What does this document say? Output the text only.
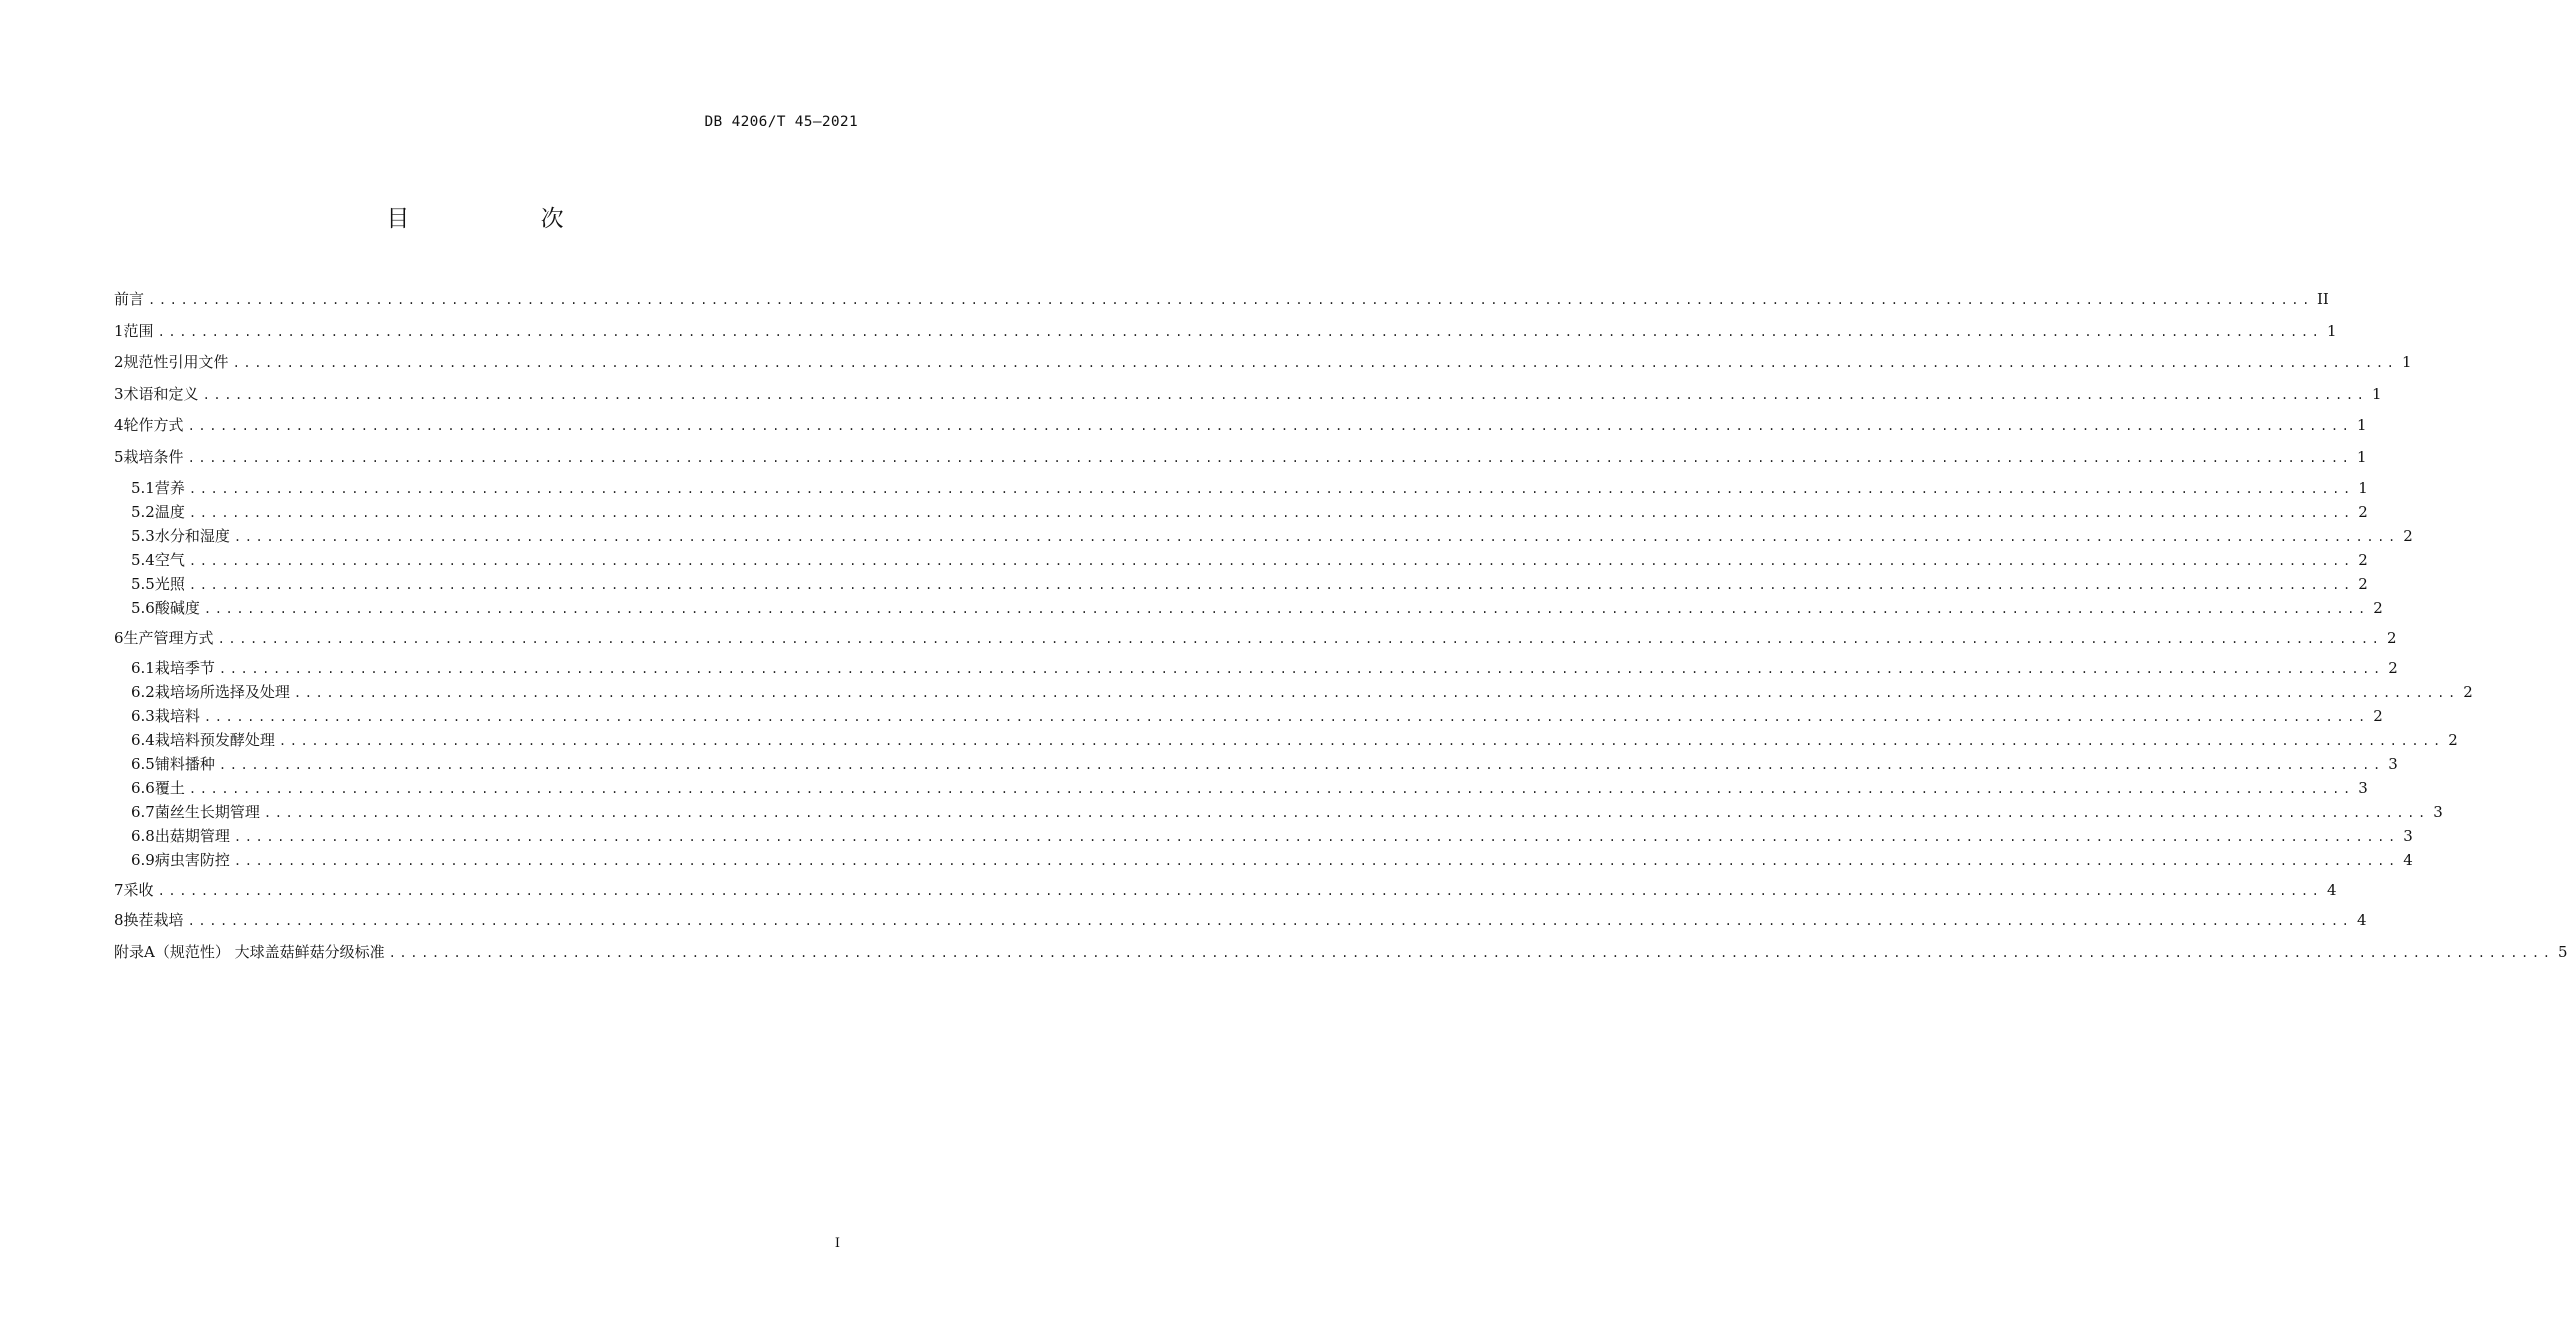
DB 4206/T 45—2021
目 次
前言 ........................................................................................................................................................................................................ II
1 范围 ........................................................................................................................................................................................................ 1
2 规范性引用文件 ........................................................................................................................................................................................................ 1
3 术语和定义 ........................................................................................................................................................................................................ 1
4 轮作方式 ........................................................................................................................................................................................................ 1
5 栽培条件 ........................................................................................................................................................................................................ 1
5.1 营养 ........................................................................................................................................................................................................ 1
5.2 温度 ........................................................................................................................................................................................................ 2
5.3 水分和湿度 ........................................................................................................................................................................................................ 2
5.4 空气 ........................................................................................................................................................................................................ 2
5.5 光照 ........................................................................................................................................................................................................ 2
5.6 酸碱度 ........................................................................................................................................................................................................ 2
6 生产管理方式 ........................................................................................................................................................................................................ 2
6.1 栽培季节 ........................................................................................................................................................................................................ 2
6.2 栽培场所选择及处理 ........................................................................................................................................................................................................ 2
6.3 栽培料 ........................................................................................................................................................................................................ 2
6.4 栽培料预发酵处理 ........................................................................................................................................................................................................ 2
6.5 铺料播种 ........................................................................................................................................................................................................ 3
6.6 覆土 ........................................................................................................................................................................................................ 3
6.7 菌丝生长期管理 ........................................................................................................................................................................................................ 3
6.8 出菇期管理 ........................................................................................................................................................................................................ 3
6.9 病虫害防控 ........................................................................................................................................................................................................ 4
7 采收 ........................................................................................................................................................................................................ 4
8 换茬栽培 ........................................................................................................................................................................................................ 4
附录A（规范性） 大球盖菇鲜菇分级标准 ........................................................................................................................................................................................................ 5
I
